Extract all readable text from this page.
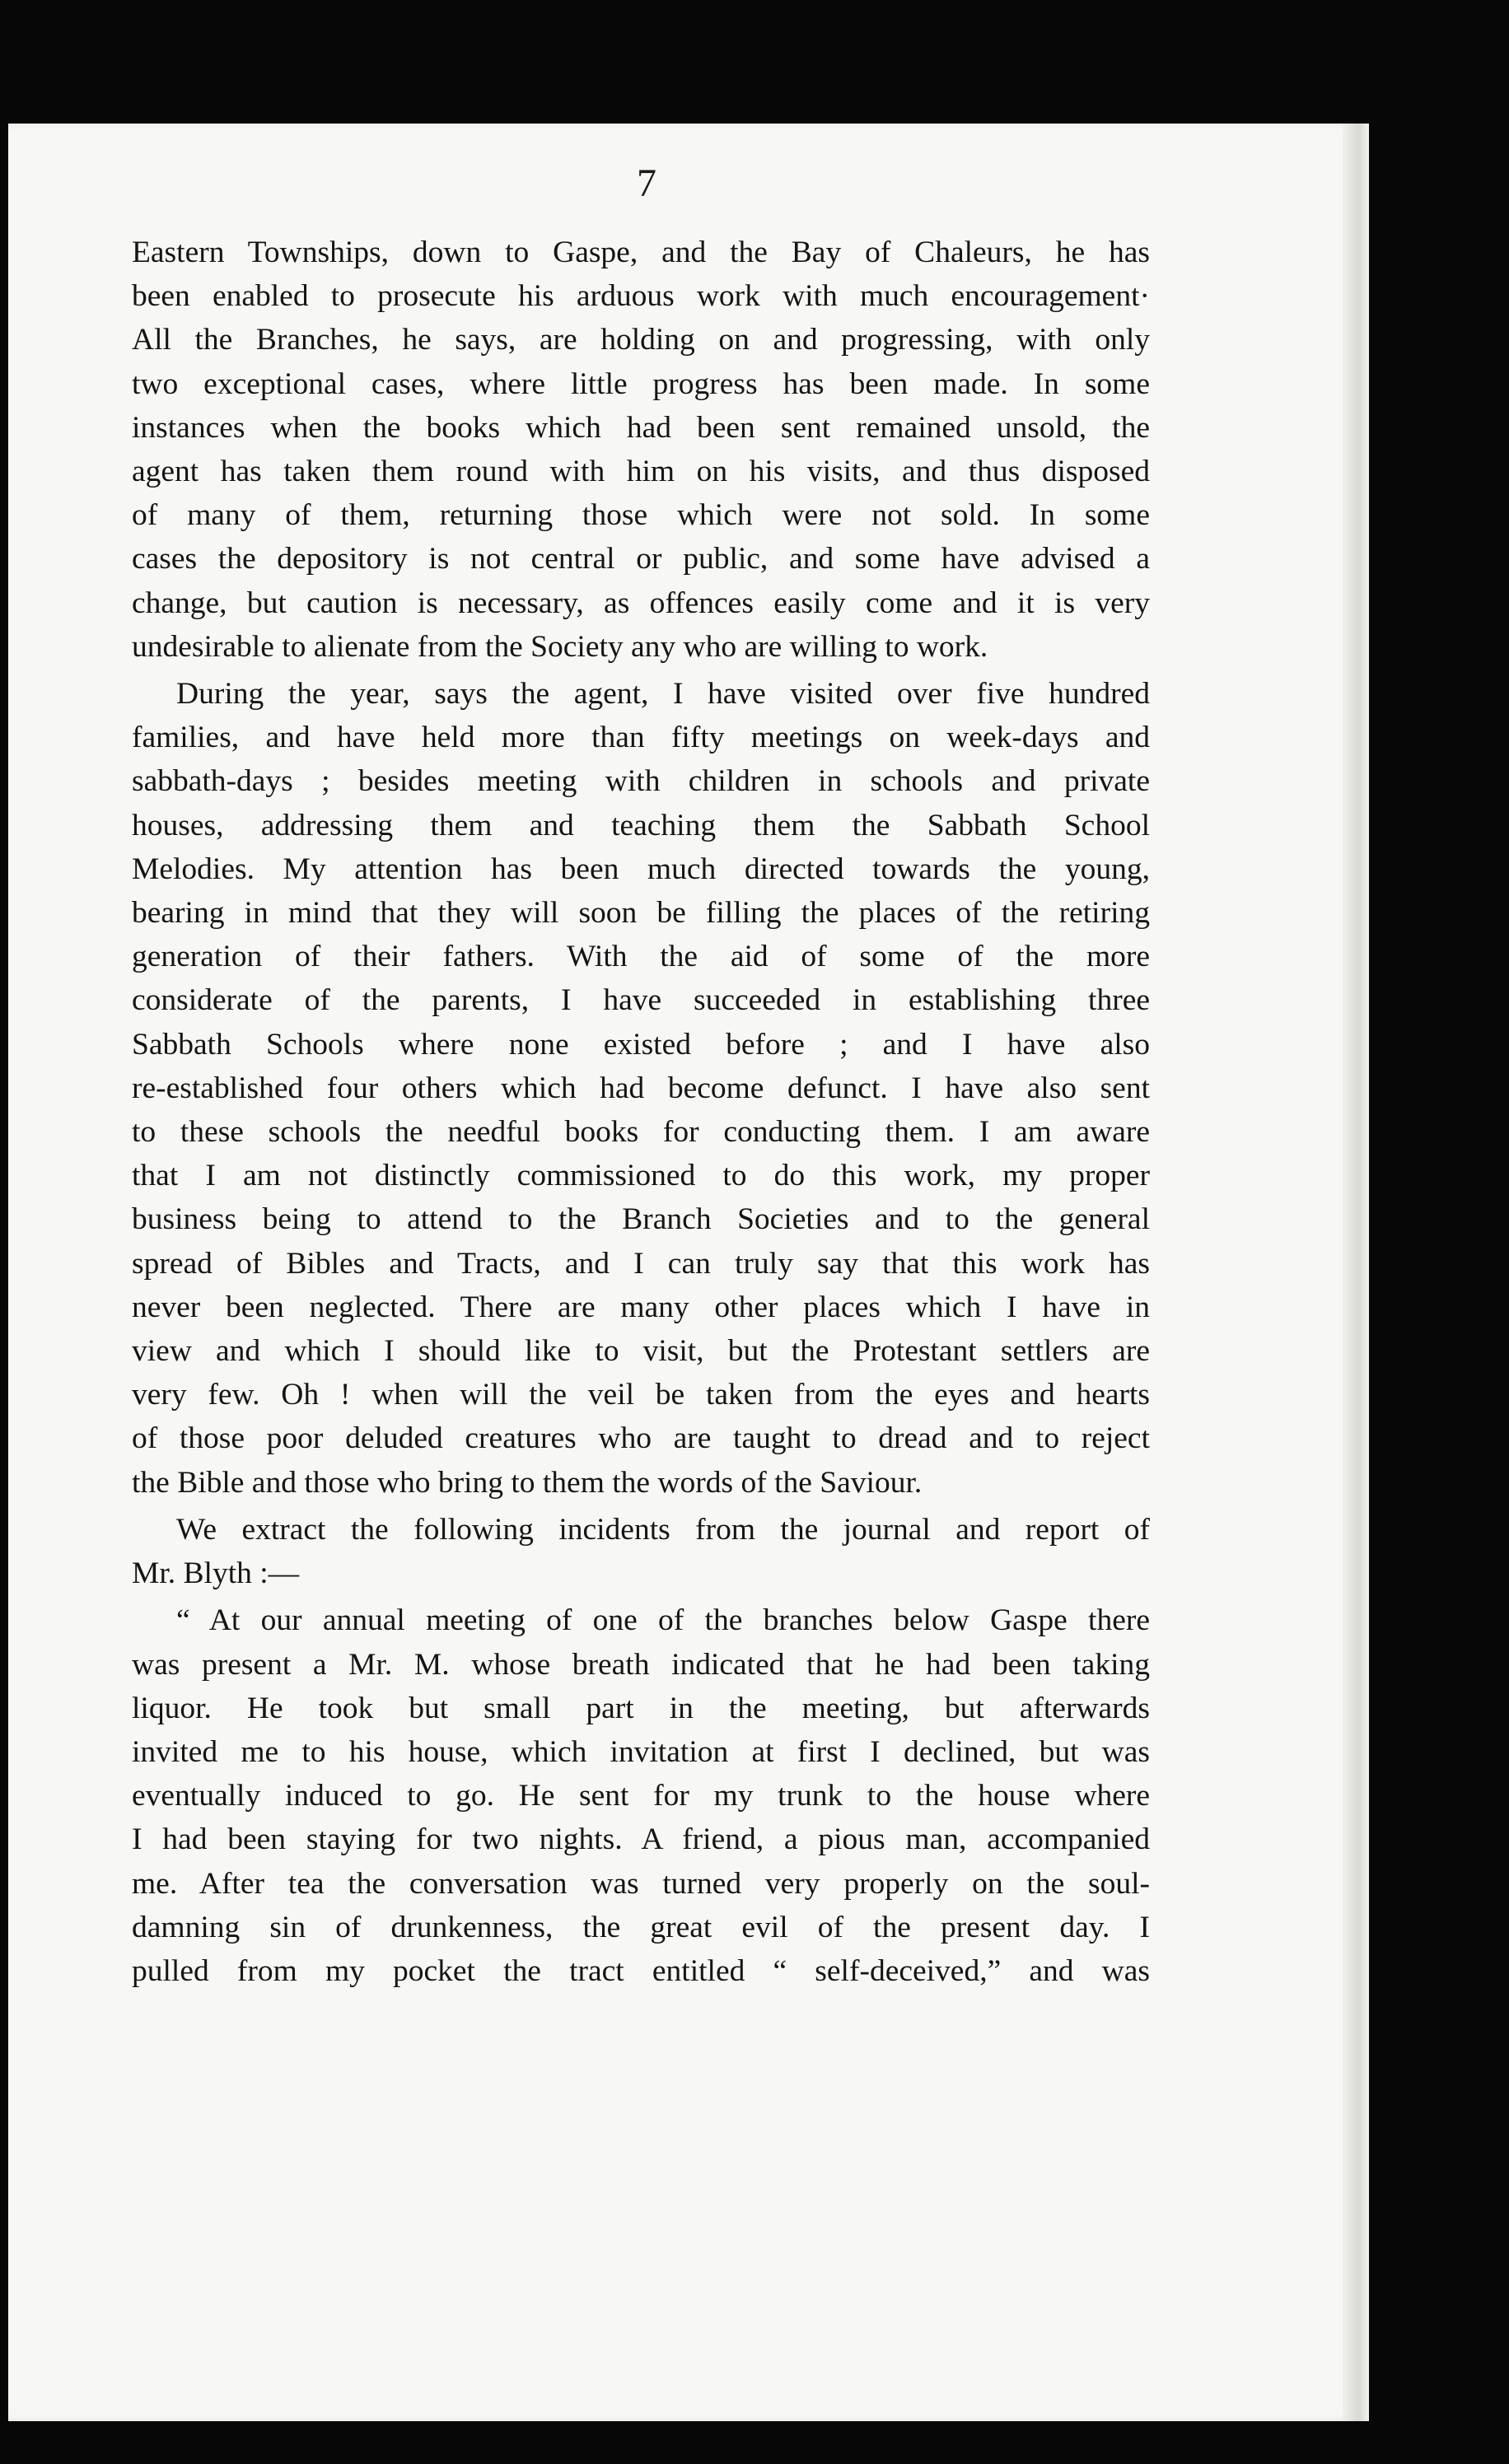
7
Eastern Townships, down to Gaspe, and the Bay of Chaleurs, he has
been enabled to prosecute his arduous work with much encouragement·
All the Branches, he says, are holding on and progressing, with only
two exceptional cases, where little progress has been made. In some
instances when the books which had been sent remained unsold, the
agent has taken them round with him on his visits, and thus disposed
of many of them, returning those which were not sold. In some
cases the depository is not central or public, and some have advised a
change, but caution is necessary, as offences easily come and it is very
undesirable to alienate from the Society any who are willing to work.
During the year, says the agent, I have visited over five hundred
families, and have held more than fifty meetings on week-days and
sabbath-days ; besides meeting with children in schools and private
houses, addressing them and teaching them the Sabbath School
Melodies. My attention has been much directed towards the young,
bearing in mind that they will soon be filling the places of the retiring
generation of their fathers. With the aid of some of the more
considerate of the parents, I have succeeded in establishing three
Sabbath Schools where none existed before ; and I have also
re-established four others which had become defunct. I have also sent
to these schools the needful books for conducting them. I am aware
that I am not distinctly commissioned to do this work, my proper
business being to attend to the Branch Societies and to the general
spread of Bibles and Tracts, and I can truly say that this work has
never been neglected. There are many other places which I have in
view and which I should like to visit, but the Protestant settlers are
very few. Oh ! when will the veil be taken from the eyes and hearts
of those poor deluded creatures who are taught to dread and to reject
the Bible and those who bring to them the words of the Saviour.
We extract the following incidents from the journal and report of
Mr. Blyth :—
“ At our annual meeting of one of the branches below Gaspe there
was present a Mr. M. whose breath indicated that he had been taking
liquor. He took but small part in the meeting, but afterwards
invited me to his house, which invitation at first I declined, but was
eventually induced to go. He sent for my trunk to the house where
I had been staying for two nights. A friend, a pious man, accompanied
me. After tea the conversation was turned very properly on the soul-
damning sin of drunkenness, the great evil of the present day. I
pulled from my pocket the tract entitled “ self-deceived,” and was
